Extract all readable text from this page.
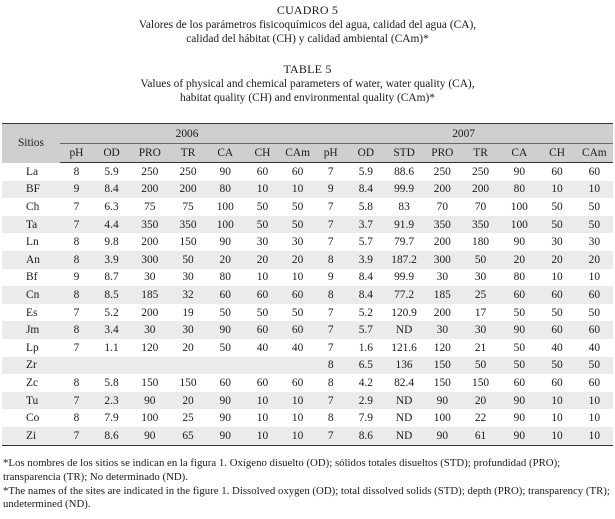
CUADRO 5
Valores de los parámetros fisicoquímicos del agua, calidad del agua (CA),
calidad del hábitat (CH) y calidad ambiental (CAm)*
TABLE 5
Values of physical and chemical parameters of water, water quality (CA),
habitat quality (CH) and environmental quality (CAm)*
Sitios	2006							2007							
	pH	OD	PRO	TR	CA	CH	CAm	pH	OD	STD	PRO	TR	CA	CH	CAm
La	8	5.9	250	250	90	60	60	7	5.9	88.6	250	250	90	60	60
BF	9	8.4	200	200	80	10	10	9	8.4	99.9	200	200	80	10	10
Ch	7	6.3	75	75	100	50	50	7	5.8	83	70	70	100	50	50
Ta	7	4.4	350	350	100	50	50	7	3.7	91.9	350	350	100	50	50
Ln	8	9.8	200	150	90	30	30	7	5.7	79.7	200	180	90	30	30
An	8	3.9	300	50	20	20	20	8	3.9	187.2	300	50	20	20	20
Bf	9	8.7	30	30	80	10	10	9	8.4	99.9	30	30	80	10	10
Cn	8	8.5	185	32	60	60	60	8	8.4	77.2	185	25	60	60	60
Es	7	5.2	200	19	50	50	50	7	5.2	120.9	200	17	50	50	50
Jm	8	3.4	30	30	90	60	60	7	5.7	ND	30	30	90	60	60
Lp	7	1.1	120	20	50	40	40	7	1.6	121.6	120	21	50	40	40
Zr								8	6.5	136	150	50	50	50	50
Zc	8	5.8	150	150	60	60	60	8	4.2	82.4	150	150	60	60	60
Tu	7	2.3	90	20	90	10	10	7	2.9	ND	90	20	90	10	10
Co	8	7.9	100	25	90	10	10	8	7.9	ND	100	22	90	10	10
Zi	7	8.6	90	65	90	10	10	7	8.6	ND	90	61	90	10	10

*Los nombres de los sitios se indican en la figura 1. Oxígeno disuelto (OD); sólidos totales disueltos (STD); profundidad (PRO); transparencia (TR); No determinado (ND).

*The names of the sites are indicated in the figure 1. Dissolved oxygen (OD); total dissolved solids (STD); depth (PRO); transparency (TR); undetermined (ND).
